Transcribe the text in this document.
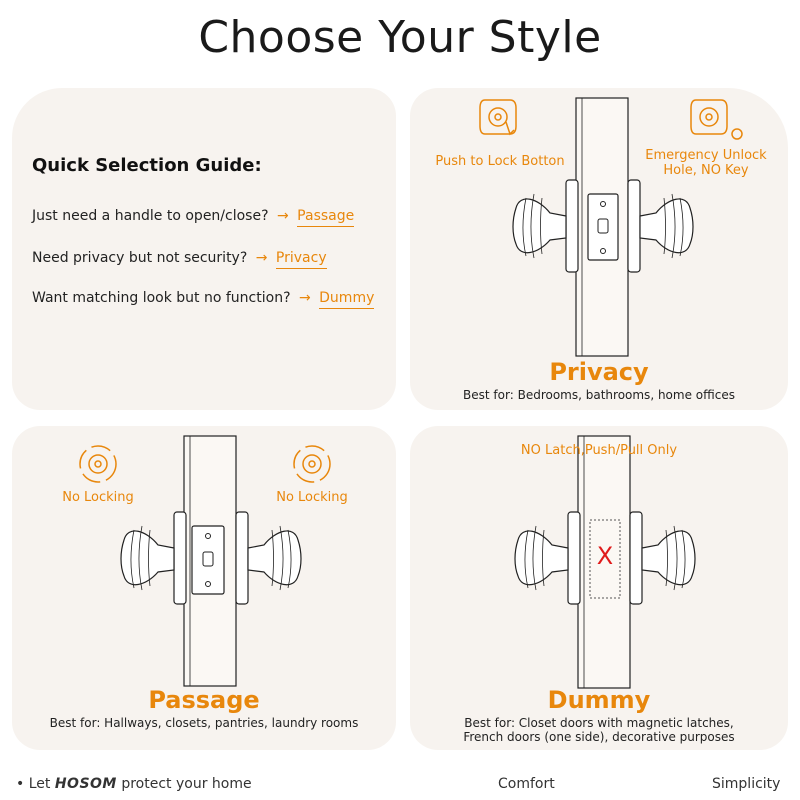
Choose Your Style
Quick Selection Guide:
Just need a handle to open/close? → Passage
Need privacy but not security? → Privacy
Want matching look but no function? → Dummy
Push to Lock Botton	Emergency Unlock
Hole, NO Key
Privacy
Best for: Bedrooms, bathrooms, home offices
No Locking	No Locking
Passage
Best for: Hallways, closets, pantries, laundry rooms
NO Latch,Push/Pull Only
X
Dummy
Best for: Closet doors with magnetic latches,
French doors (one side), decorative purposes
• Let HOSOM protect your home	Comfort	Simplicity
